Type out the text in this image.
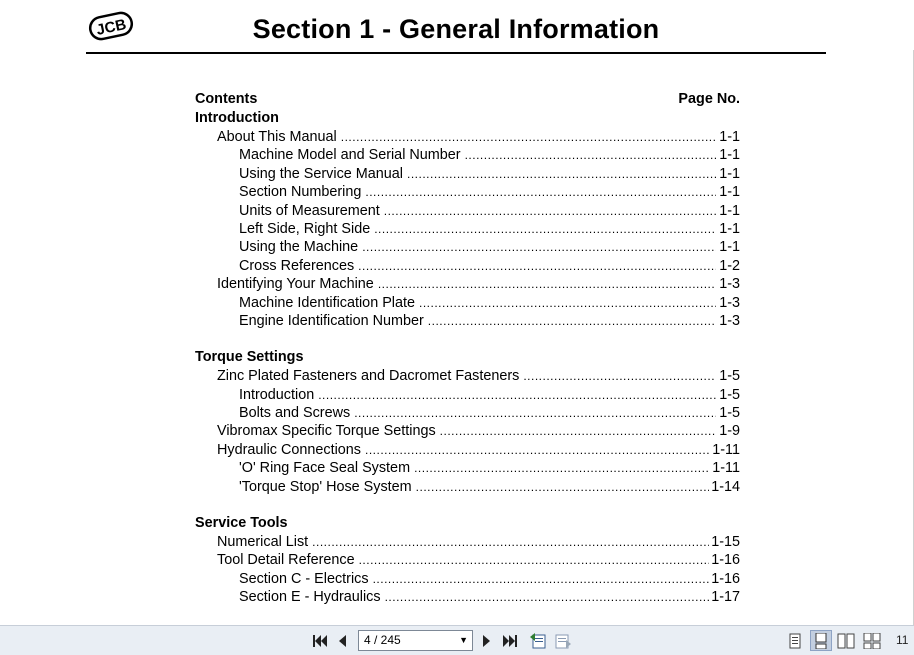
JCB	Section 1 - General Information
Contents	Page No.
Introduction
About This Manual .....	1-1
Machine Model and Serial Number .....	1-1
Using the Service Manual .....	1-1
Section Numbering .....	1-1
Units of Measurement .....	1-1
Left Side, Right Side .....	1-1
Using the Machine .....	1-1
Cross References .....	1-2
Identifying Your Machine .....	1-3
Machine Identification Plate .....	1-3
Engine Identification Number .....	1-3
Torque Settings
Zinc Plated Fasteners and Dacromet Fasteners .....	1-5
Introduction .....	1-5
Bolts and Screws .....	1-5
Vibromax Specific Torque Settings .....	1-9
Hydraulic Connections .....	1-11
'O' Ring Face Seal System .....	1-11
'Torque Stop' Hose System .....	1-14
Service Tools
Numerical List .....	1-15
Tool Detail Reference .....	1-16
Section C - Electrics .....	1-16
Section E - Hydraulics .....	1-17
4 / 245	▼	11
